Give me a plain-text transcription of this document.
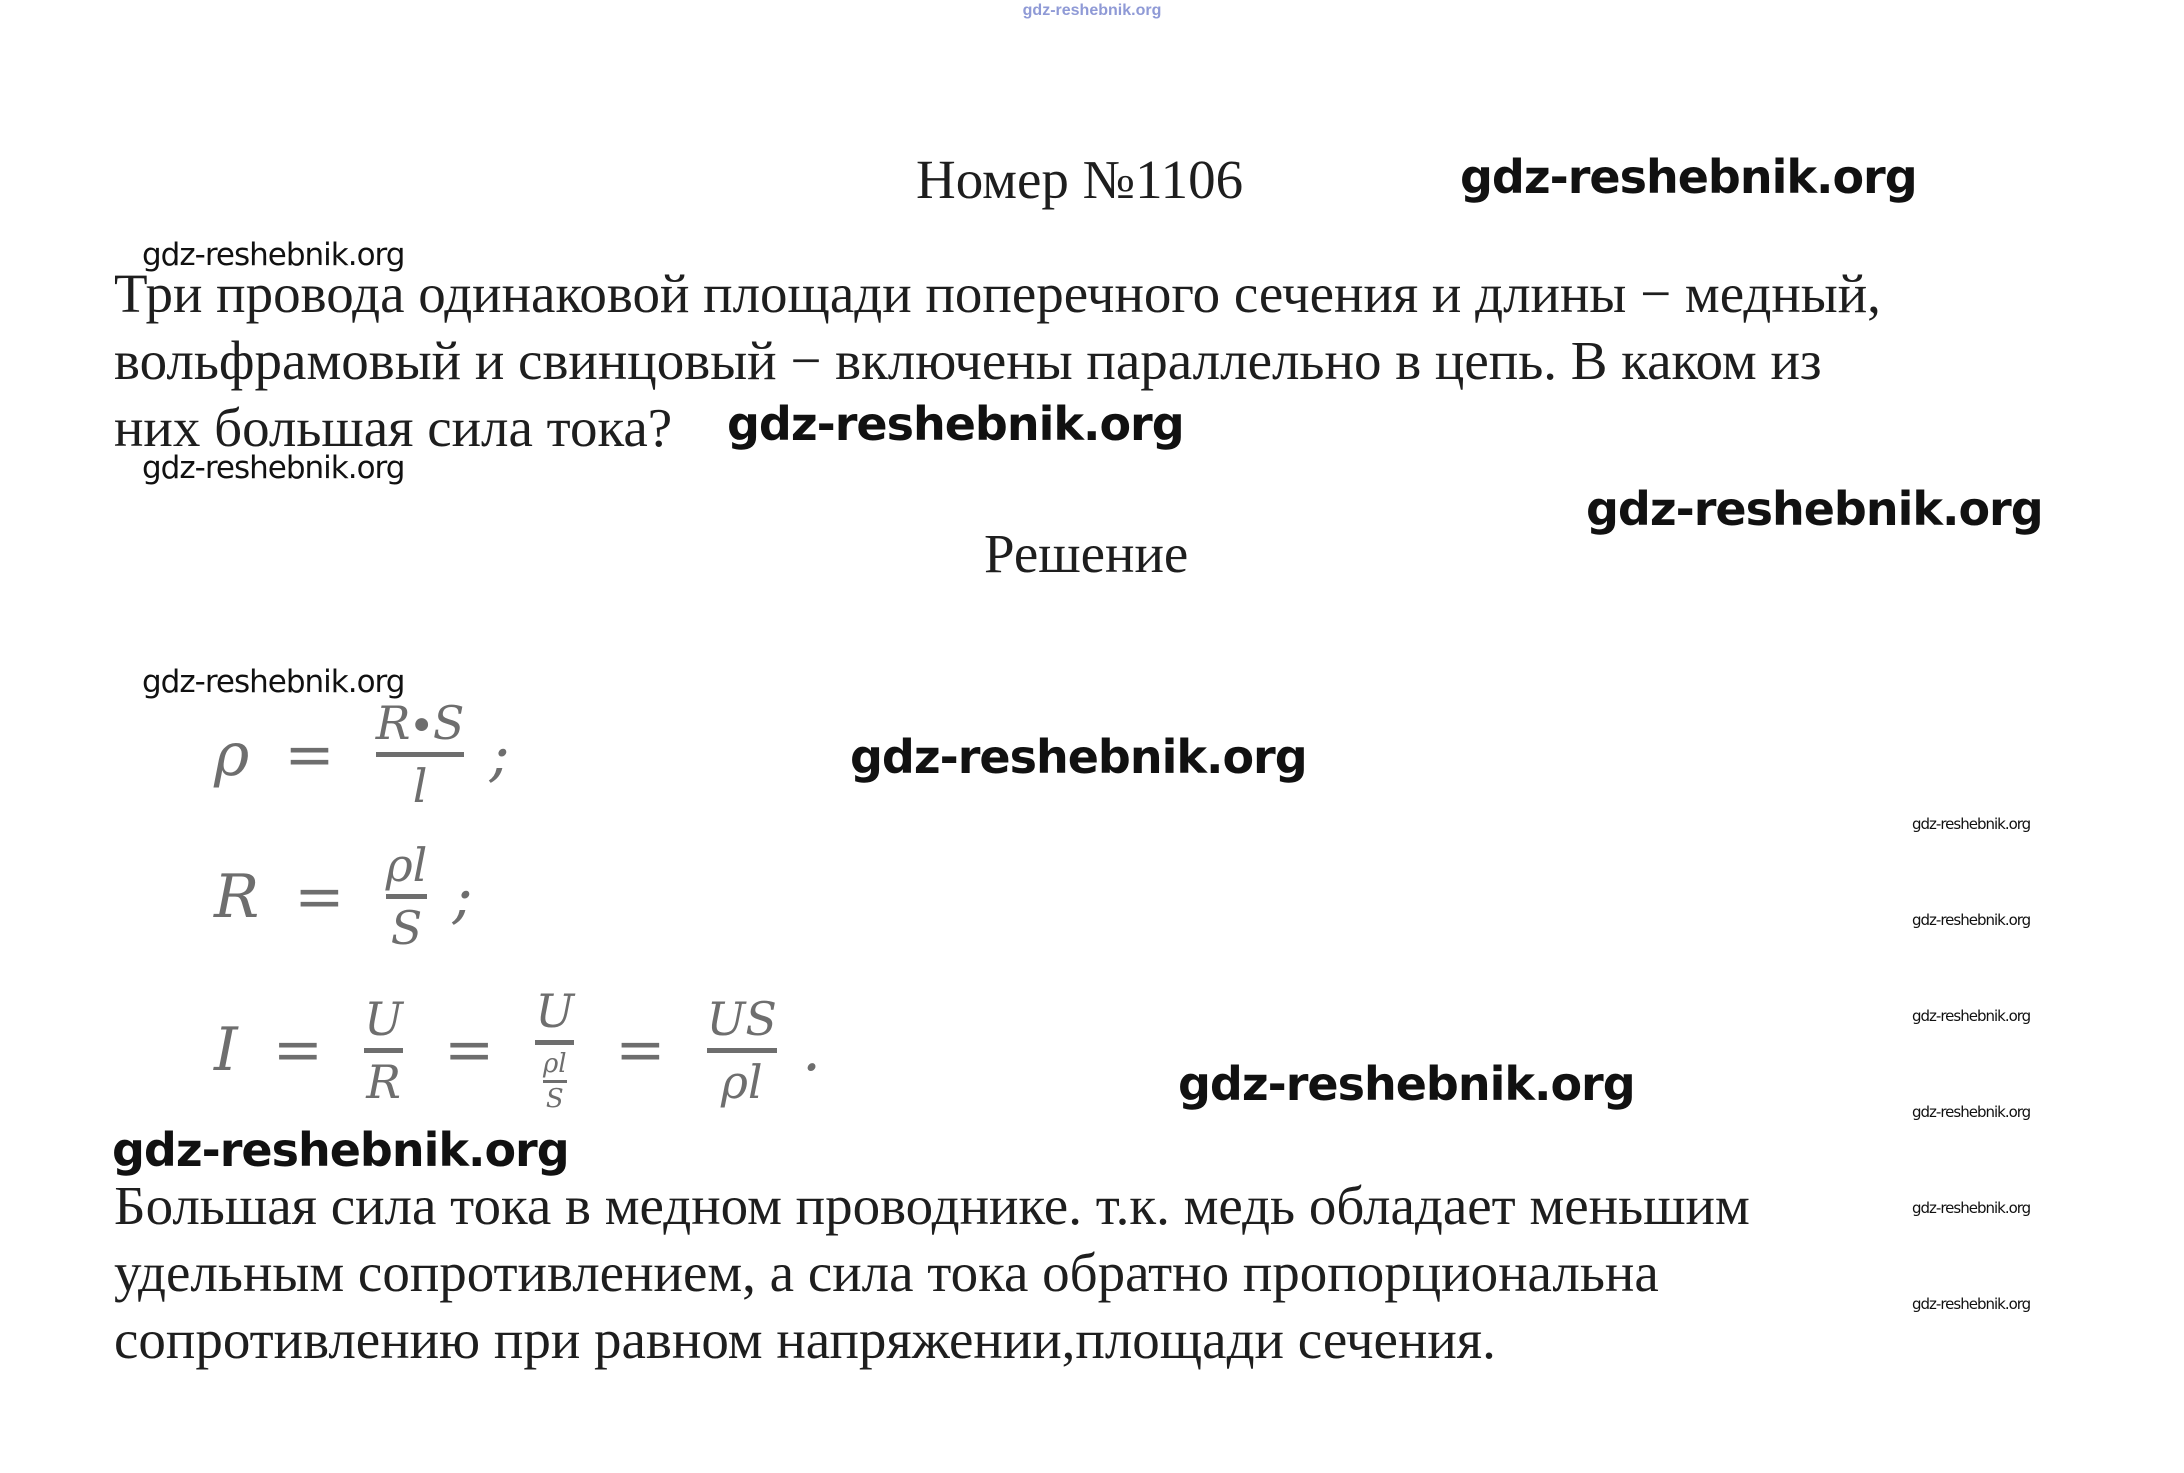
gdz-reshebnik.org
Номер №1106	gdz-reshebnik.org
gdz-reshebnik.org
Три провода одинаковой площади поперечного сечения и длины − медный,
вольфрамовый и свинцовый − включены параллельно в цепь. В каком из
них большая сила тока?	gdz-reshebnik.org
gdz-reshebnik.org
gdz-reshebnik.org
Решение
gdz-reshebnik.org
gdz-reshebnik.org
ρ = R∙S
l	;
R = ρl
S ;
gdz-reshebnik.org
gdz-reshebnik.org
gdz-reshebnik.org
gdz-reshebnik.org
gdz-reshebnik.org
gdz-reshebnik.org
I = U
R =
U
$\frac{\rho l}{S}$ = US
ρl .	gdz-reshebnik.org
gdz-reshebnik.org
Большая сила тока в медном проводнике. т.к. медь обладает меньшим
удельным сопротивлением, а сила тока обратно пропорциональна
сопротивлению при равном напряжении,площади сечения.
